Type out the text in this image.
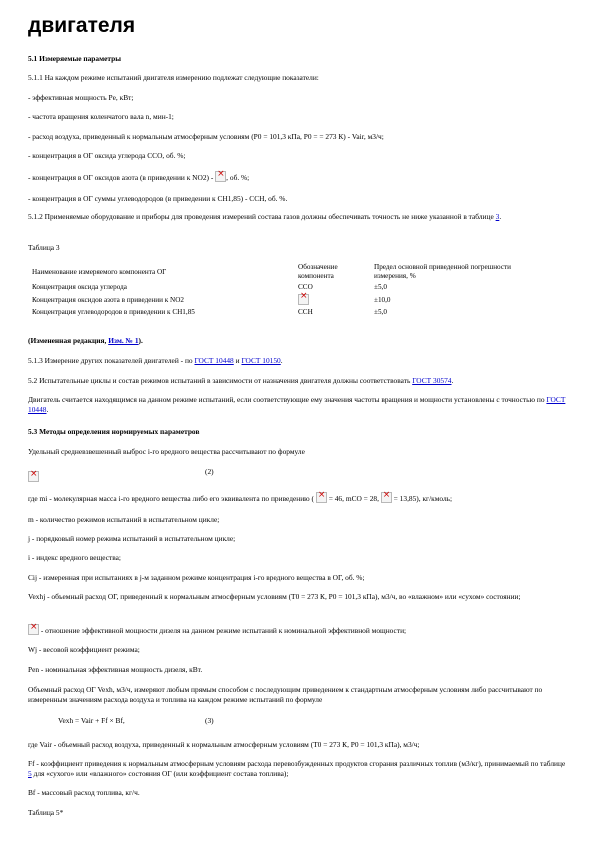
двигателя
5.1 Измеряемые параметры
5.1.1 На каждом режиме испытаний двигателя измерению подлежат следующие показатели:
- эффективная мощность Pe, кВт;
- частота вращения коленчатого вала n, мин-1;
- расход воздуха, приведенный к нормальным атмосферным условиям (P0 = 101,3 кПа, P0 = = 273 К) - Vair, м3/ч;
- концентрация в ОГ оксида углерода ССО, об. %;
- концентрация в ОГ оксидов азота (в приведении к NO2) - × , об. %;
- концентрация в ОГ суммы углеводородов (в приведении к СН1,85) - ССН, об. %.
5.1.2 Применяемые оборудование и приборы для проведения измерений состава газов должны обеспечивать точность не ниже указанной в таблице 3.
Таблица 3
Наименование измеряемого компонента ОГ	Обозначение компонента	Предел основной приведенной погрешности измерения, %
Концентрация оксида углерода	ССО	±5,0
Концентрация оксидов азота в приведении к NO2	×	±10,0
Концентрация углеводородов в приведении к СН1,85	ССН	±5,0
(Измененная редакция, Изм. № 1).
5.1.3 Измерение других показателей двигателей - по ГОСТ 10448 и ГОСТ 10150.
5.2 Испытательные циклы и состав режимов испытаний в зависимости от назначения двигателя должны соответствовать ГОСТ 30574.
Двигатель считается находящимся на данном режиме испытаний, если соответствующие ему значения частоты вращения и мощности установлены с точностью по ГОСТ 10448.
5.3 Методы определения нормируемых параметров
Удельный средневзвешенный выброс i-го вредного вещества рассчитывают по формуле
×
(2)
где mi - молекулярная масса i-го вредного вещества либо его эквивалента по приведению ( × = 46, mCO = 28, × = 13,85), кг/кмоль;
m - количество режимов испытаний в испытательном цикле;
j - порядковый номер режима испытаний в испытательном цикле;
i - индекс вредного вещества;
Cij - измеренная при испытаниях в j-м заданном режиме концентрация i-го вредного вещества в ОГ, об. %;
Vexhj - объемный расход ОГ, приведенный к нормальным атмосферным условиям (T0 = 273 К, P0 = 101,3 кПа), м3/ч, во «влажном» или «сухом» состоянии;
× - отношение эффективной мощности дизеля на данном режиме испытаний к номинальной эффективной мощности;
Wj - весовой коэффициент режима;
Pen - номинальная эффективная мощность дизеля, кВт.
Объемный расход ОГ Vexh, м3/ч, измеряют любым прямым способом с последующим приведением к стандартным атмосферным условиям либо рассчитывают по измеренным значениям расхода воздуха и топлива на каждом режиме испытаний по формуле
Vexh = Vair + Ff × Bf,	(3)
где Vair - объемный расход воздуха, приведенный к нормальным атмосферным условиям (T0 = 273 К, P0 = 101,3 кПа), м3/ч;
Ff - коэффициент приведения к нормальным атмосферным условиям расхода перевозбужденных продуктов сгорания различных топлив (м3/кг), принимаемый по таблице 5 для «сухого» или «влажного» состояния ОГ (или коэффициент состава топлива);
Bf - массовый расход топлива, кг/ч.
Таблица 5*
